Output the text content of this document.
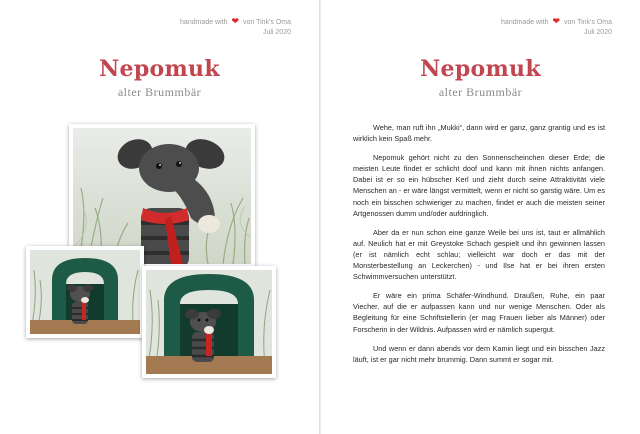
handmade with ❤ von Tink's Oma
Juli 2020
Nepomuk
alter Brummbär
handmade with ❤ von Tink's Oma
Juli 2020
Nepomuk
alter Brummbär

Wehe, man ruft ihn „Mukki“, dann wird er ganz, ganz grantig und es ist wirklich kein Spaß mehr.

Nepomuk gehört nicht zu den Sonnenscheinchen dieser Erde; die meisten Leute findet er schlicht doof und kann mit ihnen nichts anfangen. Dabei ist er so ein hübscher Kerl und zieht durch seine Attraktivität viele Menschen an - er wäre längst vermittelt, wenn er nicht so garstig wäre. Um es noch ein bisschen schwieriger zu machen, findet er auch die meisten seiner Artgenossen dumm und/oder aufdringlich.

Aber da er nun schon eine ganze Weile bei uns ist, taut er allmählich auf. Neulich hat er mit Greystoke Schach gespielt und ihn gewinnen lassen (er ist nämlich echt schlau; vielleicht war doch er das mit der Monsterbestellung an Leckerchen) - und Ilse hat er bei ihren ersten Schwimmversuchen unterstützt.

Er wäre ein prima Schäfer-Windhund. Draußen, Ruhe, ein paar Viecher, auf die er aufpassen kann und nur wenige Menschen. Oder als Begleitung für eine Schriftstellerin (er mag Frauen lieber als Männer) oder Forscherin in der Wildnis. Aufpassen wird er nämlich supergut.

Und wenn er dann abends vor dem Kamin liegt und ein bisschen Jazz läuft, ist er gar nicht mehr brummig. Dann summt er sogar mit.
